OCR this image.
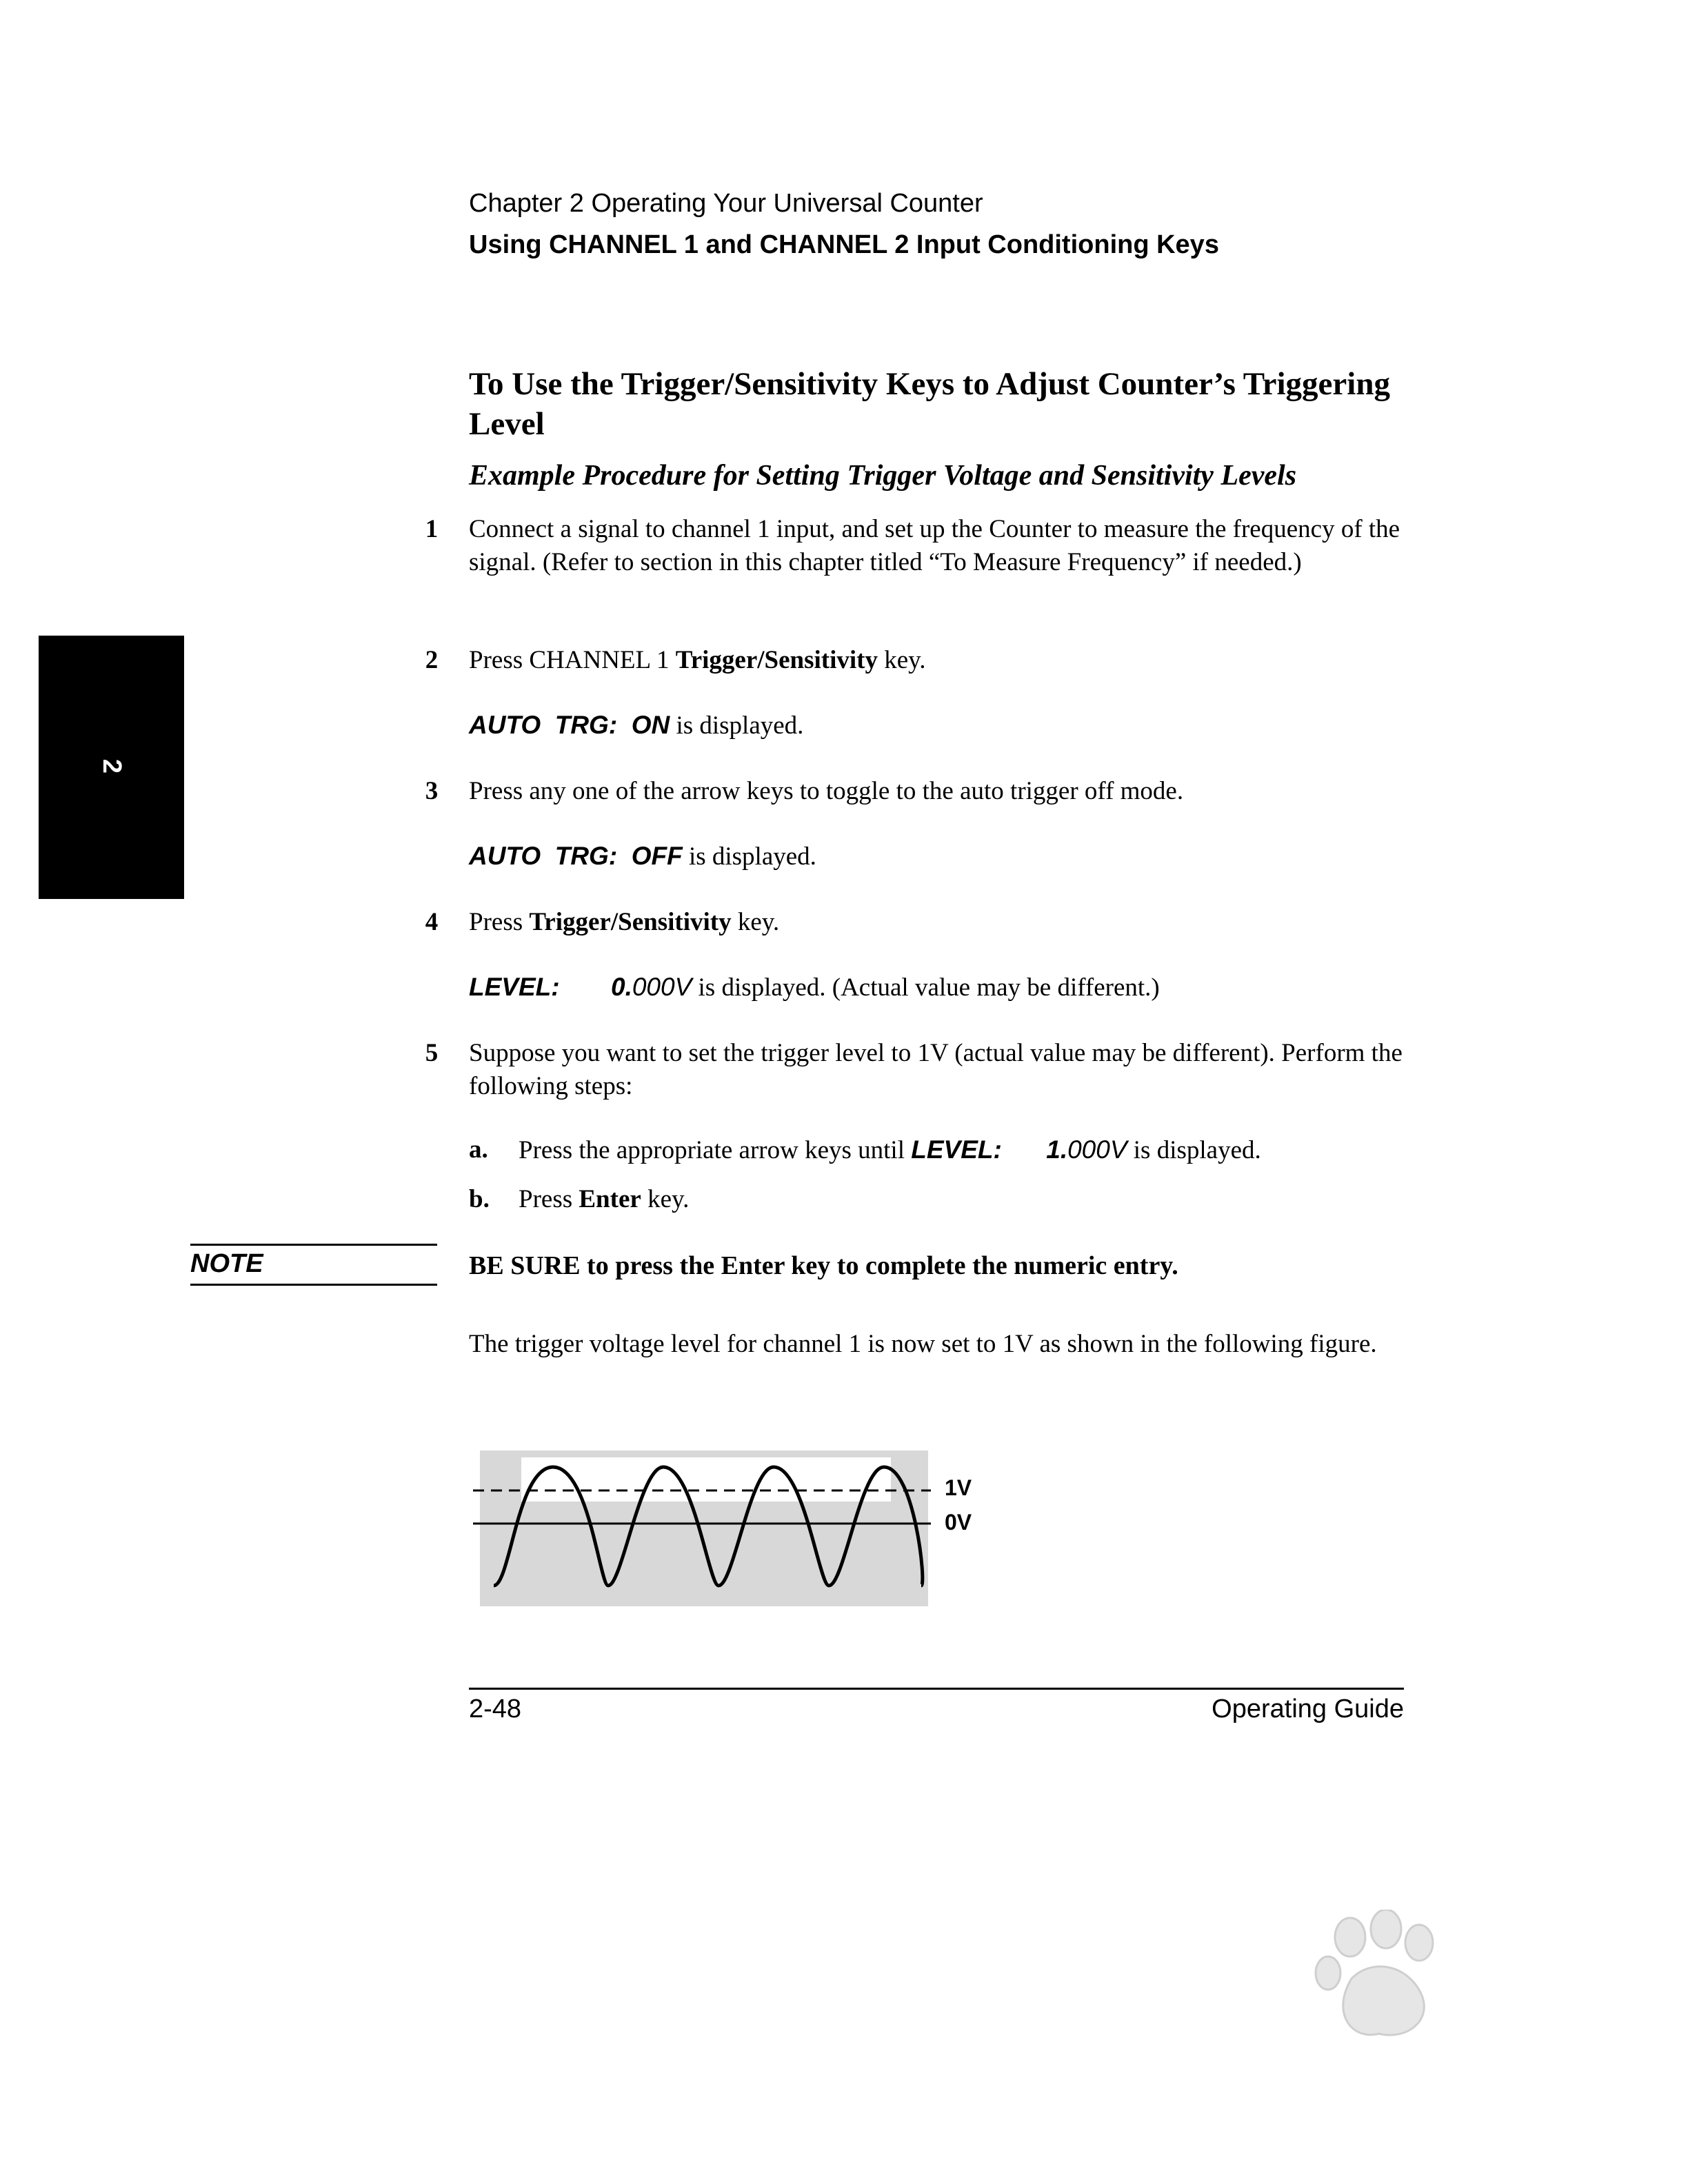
Chapter 2 Operating Your Universal Counter
Using CHANNEL 1 and CHANNEL 2 Input Conditioning Keys
2
To Use the Trigger/Sensitivity Keys to Adjust Counter’s Triggering Level
Example Procedure for Setting Trigger Voltage and Sensitivity Levels
1 Connect a signal to channel 1 input, and set up the Counter to measure the frequency of the signal. (Refer to section in this chapter titled “To Measure Frequency” if needed.)
2 Press CHANNEL 1 Trigger/Sensitivity key.
AUTO  TRG:  ON is displayed.
3 Press any one of the arrow keys to toggle to the auto trigger off mode.
AUTO  TRG:  OFF is displayed.
4 Press Trigger/Sensitivity key.
LEVEL: 0.000V is displayed. (Actual value may be different.)
5 Suppose you want to set the trigger level to 1V (actual value may be different). Perform the following steps:
a. Press the appropriate arrow keys until LEVEL: 1.000V is displayed.
b. Press Enter key.
NOTE	BE SURE to press the Enter key to complete the numeric entry.
The trigger voltage level for channel 1 is now set to 1V as shown in the following figure.
1V
0V
2-48	Operating Guide
